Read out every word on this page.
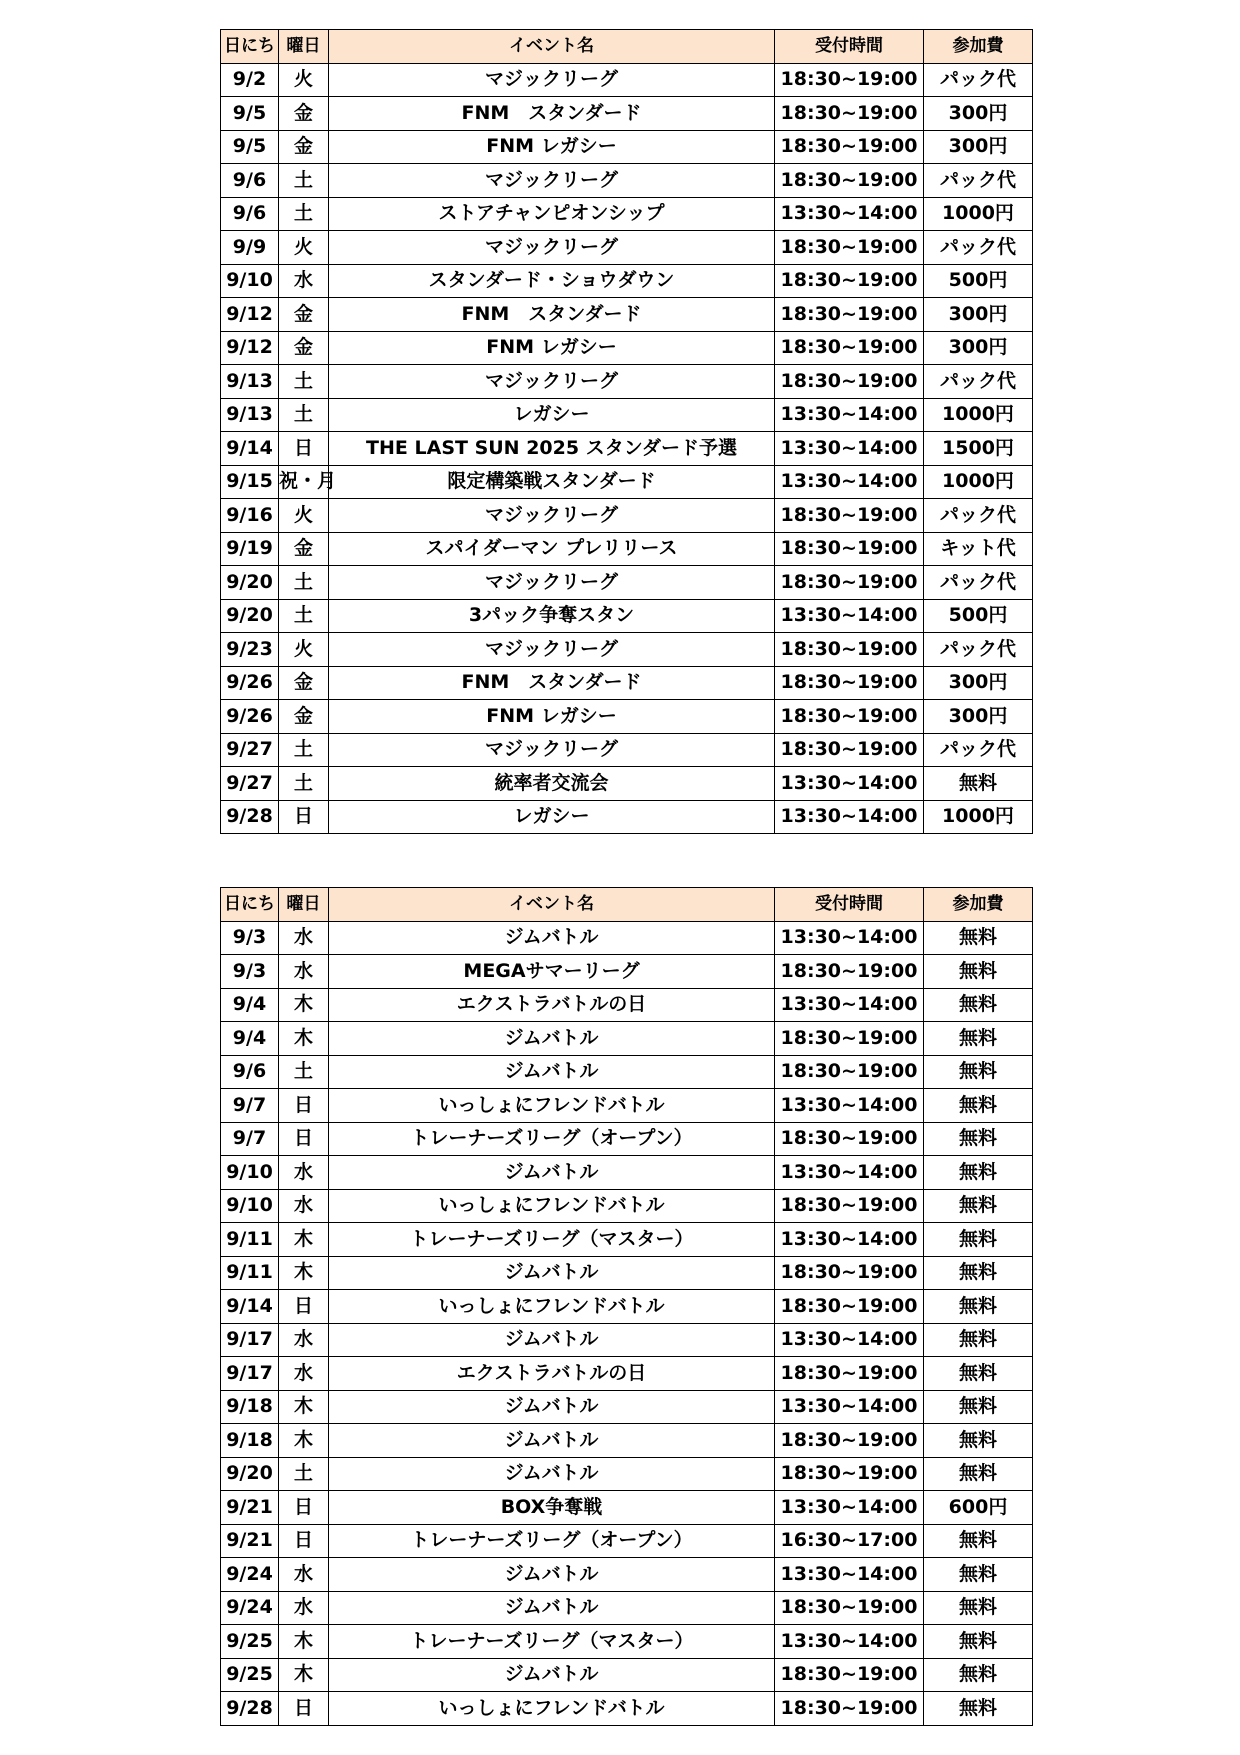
日にち	曜日	イベント名	受付時間	参加費
9/2	火	マジックリーグ	18:30~19:00	パック代
9/5	金	FNM　スタンダード	18:30~19:00	300円
9/5	金	FNM レガシー	18:30~19:00	300円
9/6	土	マジックリーグ	18:30~19:00	パック代
9/6	土	ストアチャンピオンシップ	13:30~14:00	1000円
9/9	火	マジックリーグ	18:30~19:00	パック代
9/10	水	スタンダード・ショウダウン	18:30~19:00	500円
9/12	金	FNM　スタンダード	18:30~19:00	300円
9/12	金	FNM レガシー	18:30~19:00	300円
9/13	土	マジックリーグ	18:30~19:00	パック代
9/13	土	レガシー	13:30~14:00	1000円
9/14	日	THE LAST SUN 2025 スタンダード予選	13:30~14:00	1500円
9/15	祝・月	限定構築戦スタンダード	13:30~14:00	1000円
9/16	火	マジックリーグ	18:30~19:00	パック代
9/19	金	スパイダーマン プレリリース	18:30~19:00	キット代
9/20	土	マジックリーグ	18:30~19:00	パック代
9/20	土	3パック争奪スタン	13:30~14:00	500円
9/23	火	マジックリーグ	18:30~19:00	パック代
9/26	金	FNM　スタンダード	18:30~19:00	300円
9/26	金	FNM レガシー	18:30~19:00	300円
9/27	土	マジックリーグ	18:30~19:00	パック代
9/27	土	統率者交流会	13:30~14:00	無料
9/28	日	レガシー	13:30~14:00	1000円
日にち	曜日	イベント名	受付時間	参加費
9/3	水	ジムバトル	13:30~14:00	無料
9/3	水	MEGAサマーリーグ	18:30~19:00	無料
9/4	木	エクストラバトルの日	13:30~14:00	無料
9/4	木	ジムバトル	18:30~19:00	無料
9/6	土	ジムバトル	18:30~19:00	無料
9/7	日	いっしょにフレンドバトル	13:30~14:00	無料
9/7	日	トレーナーズリーグ（オープン）	18:30~19:00	無料
9/10	水	ジムバトル	13:30~14:00	無料
9/10	水	いっしょにフレンドバトル	18:30~19:00	無料
9/11	木	トレーナーズリーグ（マスター）	13:30~14:00	無料
9/11	木	ジムバトル	18:30~19:00	無料
9/14	日	いっしょにフレンドバトル	18:30~19:00	無料
9/17	水	ジムバトル	13:30~14:00	無料
9/17	水	エクストラバトルの日	18:30~19:00	無料
9/18	木	ジムバトル	13:30~14:00	無料
9/18	木	ジムバトル	18:30~19:00	無料
9/20	土	ジムバトル	18:30~19:00	無料
9/21	日	BOX争奪戦	13:30~14:00	600円
9/21	日	トレーナーズリーグ（オープン）	16:30~17:00	無料
9/24	水	ジムバトル	13:30~14:00	無料
9/24	水	ジムバトル	18:30~19:00	無料
9/25	木	トレーナーズリーグ（マスター）	13:30~14:00	無料
9/25	木	ジムバトル	18:30~19:00	無料
9/28	日	いっしょにフレンドバトル	18:30~19:00	無料
